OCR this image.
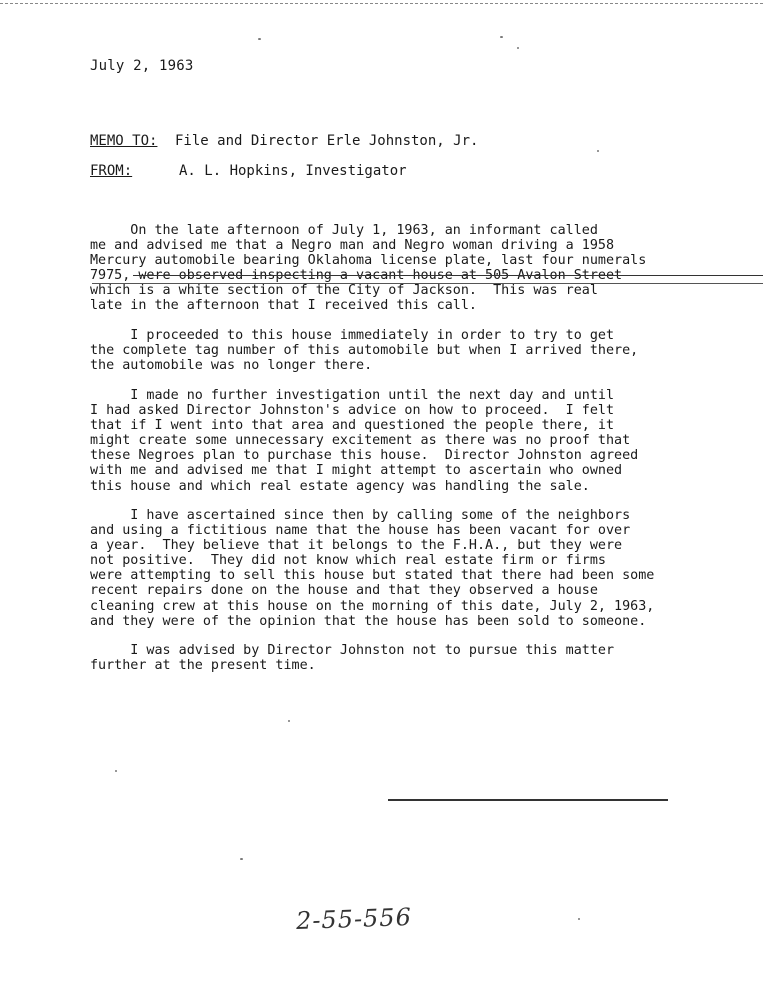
July 2, 1963
MEMO TO: File and Director Erle Johnston, Jr.
FROM:	A. L. Hopkins, Investigator
On the late afternoon of July 1, 1963, an informant called
me and advised me that a Negro man and Negro woman driving a 1958
Mercury automobile bearing Oklahoma license plate, last four numerals
7975, were observed inspecting a vacant house at 505 Avalon Street
which is a white section of the City of Jackson.  This was real
late in the afternoon that I received this call.
I proceeded to this house immediately in order to try to get
the complete tag number of this automobile but when I arrived there,
the automobile was no longer there.
I made no further investigation until the next day and until
I had asked Director Johnston's advice on how to proceed.  I felt
that if I went into that area and questioned the people there, it
might create some unnecessary excitement as there was no proof that
these Negroes plan to purchase this house.  Director Johnston agreed
with me and advised me that I might attempt to ascertain who owned
this house and which real estate agency was handling the sale.
I have ascertained since then by calling some of the neighbors
and using a fictitious name that the house has been vacant for over
a year.  They believe that it belongs to the F.H.A., but they were
not positive.  They did not know which real estate firm or firms
were attempting to sell this house but stated that there had been some
recent repairs done on the house and that they observed a house
cleaning crew at this house on the morning of this date, July 2, 1963,
and they were of the opinion that the house has been sold to someone.
I was advised by Director Johnston not to pursue this matter
further at the present time.
2-55-556
